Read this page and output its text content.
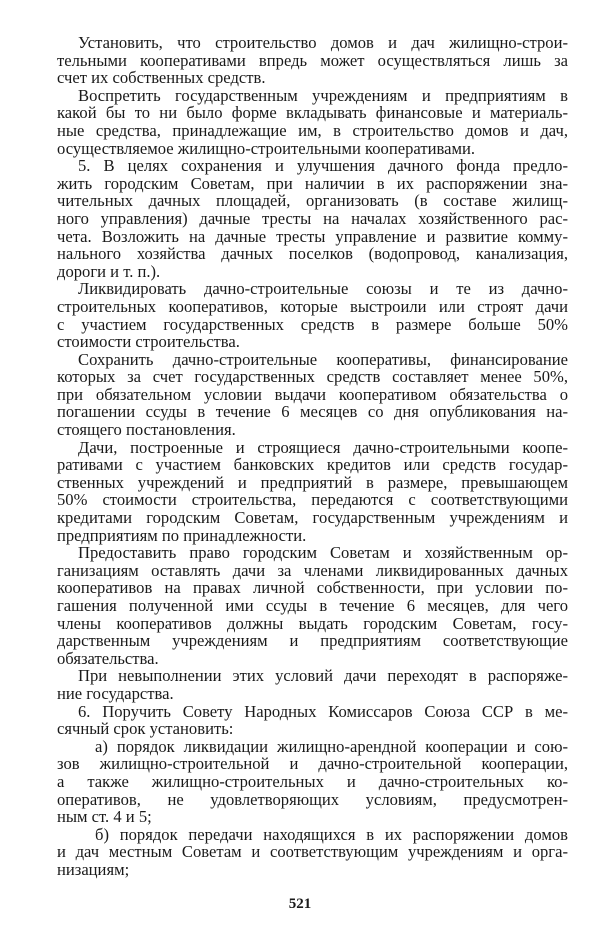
Установить, что строительство домов и дач жилищно-строи-
тельными кооперативами впредь может осуществляться лишь за
счет их собственных средств.
Воспретить государственным учреждениям и предприятиям в
какой бы то ни было форме вкладывать финансовые и материаль-
ные средства, принадлежащие им, в строительство домов и дач,
осуществляемое жилищно-строительными кооперативами.
5. В целях сохранения и улучшения дачного фонда предло-
жить городским Советам, при наличии в их распоряжении зна-
чительных дачных площадей, организовать (в составе жилищ-
ного управления) дачные тресты на началах хозяйственного рас-
чета. Возложить на дачные тресты управление и развитие комму-
нального хозяйства дачных поселков (водопровод, канализация,
дороги и т. п.).
Ликвидировать дачно-строительные союзы и те из дачно-
строительных кооперативов, которые выстроили или строят дачи
с участием государственных средств в размере больше 50%
стоимости строительства.
Сохранить дачно-строительные кооперативы, финансирование
которых за счет государственных средств составляет менее 50%,
при обязательном условии выдачи кооперативом обязательства о
погашении ссуды в течение 6 месяцев со дня опубликования на-
стоящего постановления.
Дачи, построенные и строящиеся дачно-строительными коопе-
ративами с участием банковских кредитов или средств государ-
ственных учреждений и предприятий в размере, превышающем
50% стоимости строительства, передаются с соответствующими
кредитами городским Советам, государственным учреждениям и
предприятиям по принадлежности.
Предоставить право городским Советам и хозяйственным ор-
ганизациям оставлять дачи за членами ликвидированных дачных
кооперативов на правах личной собственности, при условии по-
гашения полученной ими ссуды в течение 6 месяцев, для чего
члены кооперативов должны выдать городским Советам, госу-
дарственным учреждениям и предприятиям соответствующие
обязательства.
При невыполнении этих условий дачи переходят в распоряже-
ние государства.
6. Поручить Совету Народных Комиссаров Союза ССР в ме-
сячный срок установить:
а) порядок ликвидации жилищно-арендной кооперации и сою-
зов жилищно-строительной и дачно-строительной кооперации,
а также жилищно-строительных и дачно-строительных ко-
оперативов, не удовлетворяющих условиям, предусмотрен-
ным ст. 4 и 5;
б) порядок передачи находящихся в их распоряжении домов
и дач местным Советам и соответствующим учреждениям и орга-
низациям;
521
